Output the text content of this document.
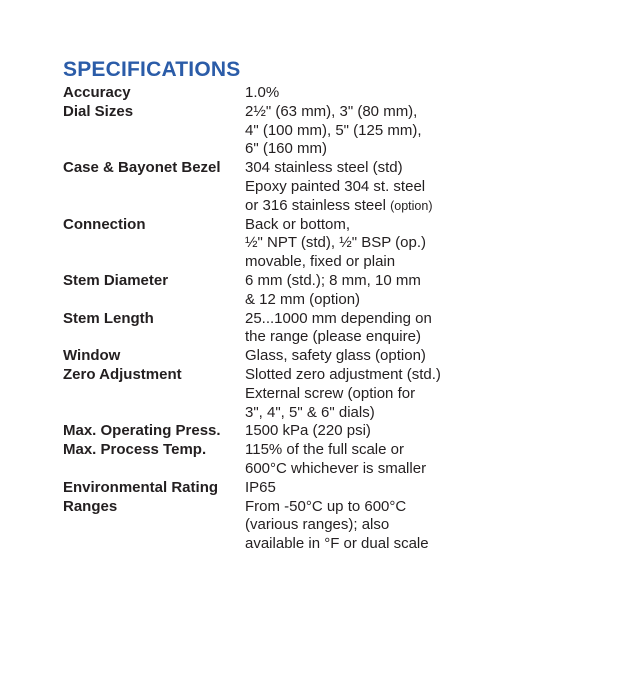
SPECIFICATIONS
Accuracy	1.0%
Dial Sizes	2½" (63 mm), 3" (80 mm),
4" (100 mm), 5" (125 mm),
6" (160 mm)
Case & Bayonet Bezel	304 stainless steel (std)
Epoxy painted 304 st. steel
or 316 stainless steel (option)
Connection	Back or bottom,
½" NPT (std), ½" BSP (op.)
movable, fixed or plain
Stem Diameter	6 mm (std.); 8 mm, 10 mm
& 12 mm (option)
Stem Length	25...1000 mm depending on
the range (please enquire)
Window	Glass, safety glass (option)
Zero Adjustment	Slotted zero adjustment (std.)
External screw (option for
3", 4", 5" & 6" dials)
Max. Operating Press.	1500 kPa (220 psi)
Max. Process Temp.	115% of the full scale or
600°C whichever is smaller
Environmental Rating	IP65
Ranges	From -50°C up to 600°C
(various ranges); also
available in °F or dual scale
